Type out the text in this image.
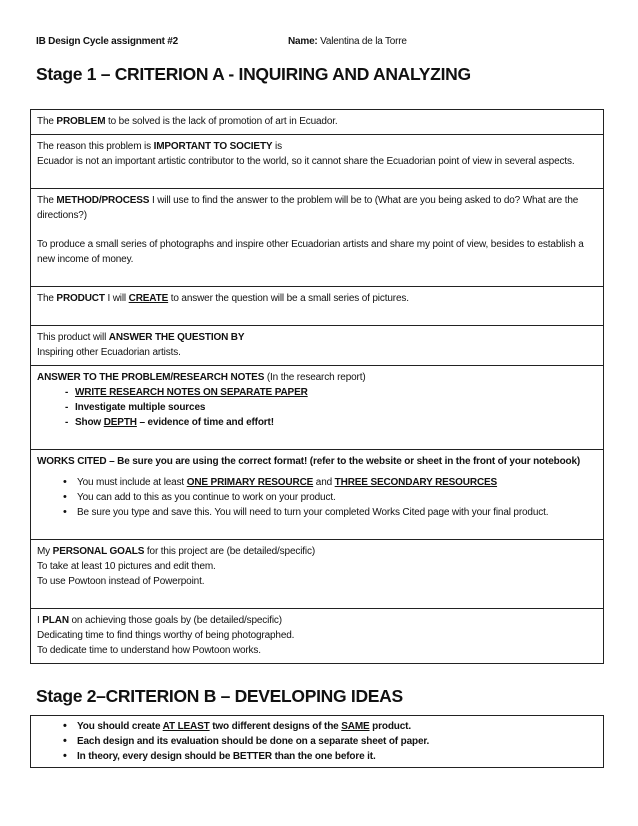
IB Design Cycle assignment #2	Name: Valentina de la Torre
Stage 1 – CRITERION A - INQUIRING AND ANALYZING
The PROBLEM to be solved is the lack of promotion of art in Ecuador.
The reason this problem is IMPORTANT TO SOCIETY is
Ecuador is not an important artistic contributor to the world, so it cannot share the Ecuadorian point of view in several aspects.

The METHOD/PROCESS I will use to find the answer to the problem will be to (What are you being asked to do? What are the directions?)
To produce a small series of photographs and inspire other Ecuadorian artists and share my point of view, besides to establish a new income of money.

The PRODUCT I will CREATE to answer the question will be a small series of pictures.

This product will ANSWER THE QUESTION BY
Inspiring other Ecuadorian artists.
ANSWER TO THE PROBLEM/RESEARCH NOTES (In the research report)
- WRITE RESEARCH NOTES ON SEPARATE PAPER
- Investigate multiple sources
- Show DEPTH – evidence of time and effort!

WORKS CITED – Be sure you are using the correct format! (refer to the website or sheet in the front of your notebook)
• You must include at least ONE PRIMARY RESOURCE and THREE SECONDARY RESOURCES
• You can add to this as you continue to work on your product.
• Be sure you type and save this. You will need to turn your completed Works Cited page with your final product.

My PERSONAL GOALS for this project are (be detailed/specific)
To take at least 10 pictures and edit them.
To use Powtoon instead of Powerpoint.

I PLAN on achieving those goals by (be detailed/specific)
Dedicating time to find things worthy of being photographed.
To dedicate time to understand how Powtoon works.
Stage 2–CRITERION B – DEVELOPING IDEAS
• You should create AT LEAST two different designs of the SAME product.
• Each design and its evaluation should be done on a separate sheet of paper.
• In theory, every design should be BETTER than the one before it.
